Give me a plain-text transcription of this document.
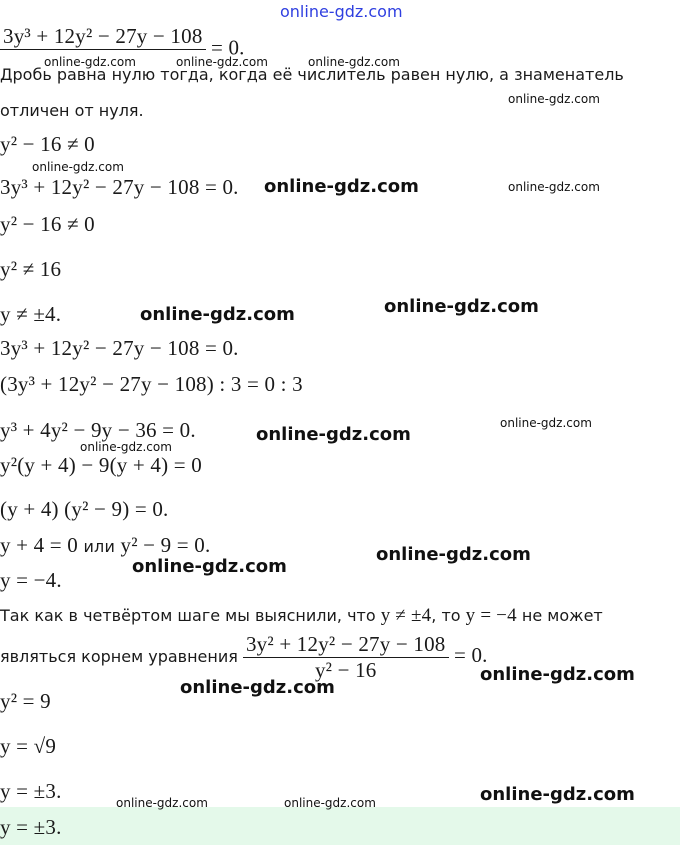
online-gdz.com
3y³ + 12y² − 27y − 108
= 0.
Дробь равна нулю тогда, когда её числитель равен нулю, а знаменатель
отличен от нуля.
y² − 16 ≠ 0
3y³ + 12y² − 27y − 108 = 0.
y² − 16 ≠ 0
y² ≠ 16
y ≠ ±4.
3y³ + 12y² − 27y − 108 = 0.
(3y³ + 12y² − 27y − 108) : 3 = 0 : 3
y³ + 4y² − 9y − 36 = 0.
y²(y + 4) − 9(y + 4) = 0
(y + 4) (y² − 9) = 0.
y + 4 = 0 или y² − 9 = 0.
y = −4.
Так как в четвёртом шаге мы выяснили, что y ≠ ±4, то y = −4 не может
являться корнем уравнения $\frac{\text{3y² + 12y² − 27y − 108}}{\text{y² − 16}} = 0$.
y² = 9
y = √9
y = ±3.
y = ±3.
online-gdz.com	online-gdz.com	online-gdz.com
online-gdz.com
online-gdz.com
online-gdz.com	online-gdz.com
online-gdz.com
online-gdz.com
online-gdz.com
online-gdz.com
online-gdz.com
online-gdz.com
online-gdz.com
online-gdz.com
online-gdz.com
online-gdz.com
online-gdz.com	online-gdz.com
